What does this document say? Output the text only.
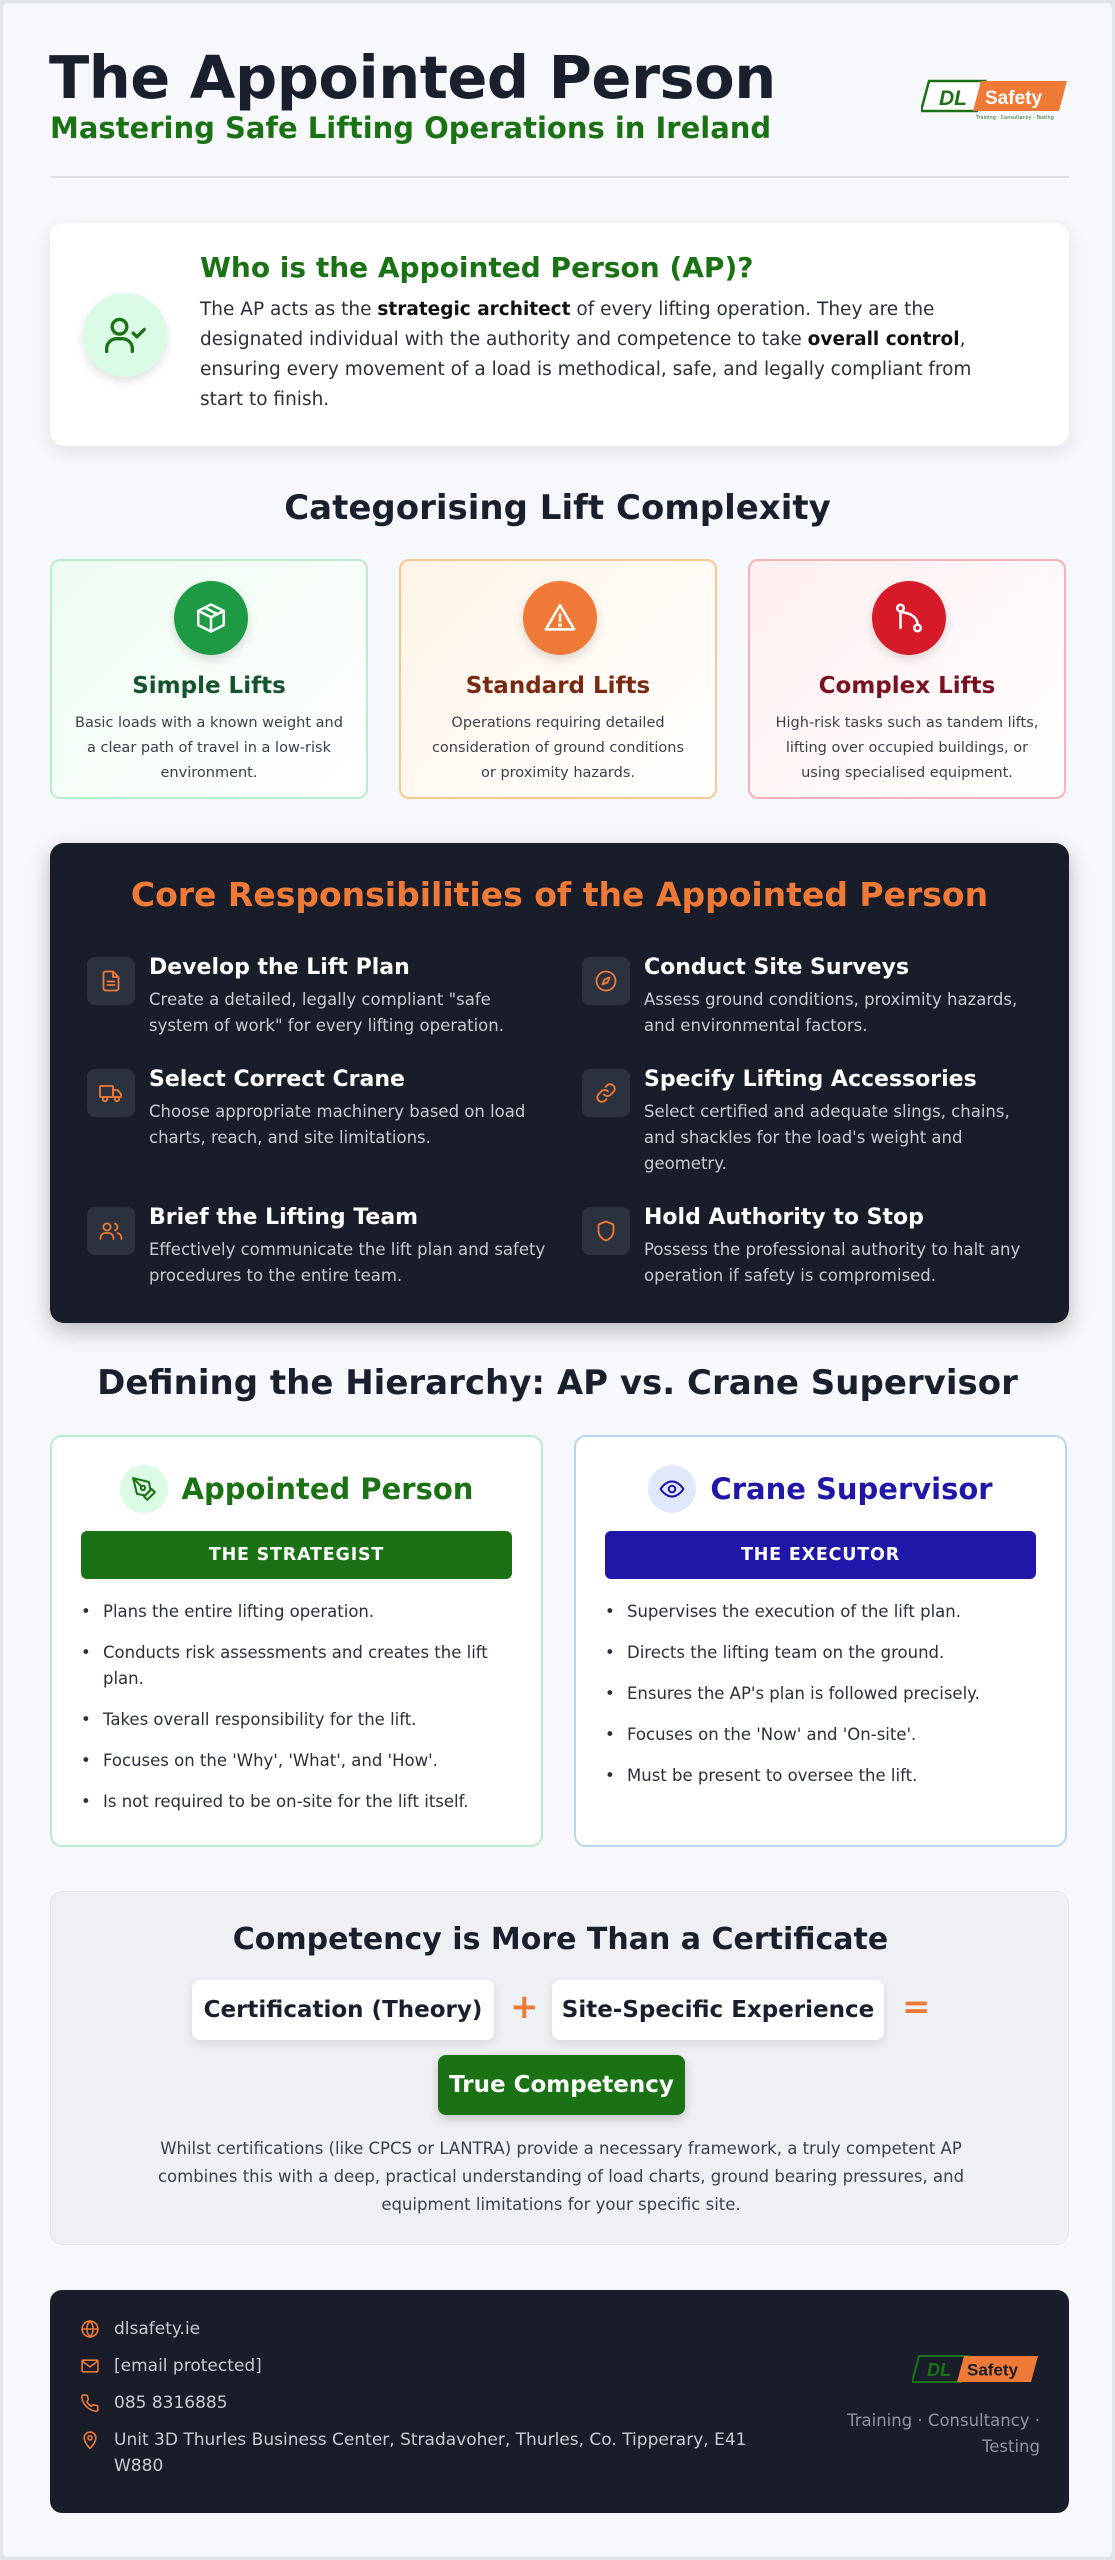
The Appointed Person
Mastering Safe Lifting Operations in Ireland
DL Safety
Training · Consultancy · Testing
Who is the Appointed Person (AP)?

The AP acts as the strategic architect of every lifting operation. They are the designated individual with the authority and competence to take overall control, ensuring every movement of a load is methodical, safe, and legally compliant from start to finish.

Categorising Lift Complexity
Simple Lifts
Basic loads with a known weight and a clear path of travel in a low-risk environment.
Standard Lifts
Operations requiring detailed consideration of ground conditions or proximity hazards.
Complex Lifts
High-risk tasks such as tandem lifts, lifting over occupied buildings, or using specialised equipment.
Core Responsibilities of the Appointed Person
Develop the Lift Plan
Create a detailed, legally compliant "safe system of work" for every lifting operation.
Conduct Site Surveys
Assess ground conditions, proximity hazards, and environmental factors.
Select Correct Crane
Choose appropriate machinery based on load charts, reach, and site limitations.
Specify Lifting Accessories
Select certified and adequate slings, chains, and shackles for the load's weight and geometry.
Brief the Lifting Team
Effectively communicate the lift plan and safety procedures to the entire team.
Hold Authority to Stop
Possess the professional authority to halt any operation if safety is compromised.
Defining the Hierarchy: AP vs. Crane Supervisor
Appointed Person
THE STRATEGIST
• Plans the entire lifting operation.
• Conducts risk assessments and creates the lift plan.
• Takes overall responsibility for the lift.
• Focuses on the 'Why', 'What', and 'How'.
• Is not required to be on-site for the lift itself.
Crane Supervisor
THE EXECUTOR
• Supervises the execution of the lift plan.
• Directs the lifting team on the ground.
• Ensures the AP's plan is followed precisely.
• Focuses on the 'Now' and 'On-site'.
• Must be present to oversee the lift.
Competency is More Than a Certificate
Certification (Theory) +	Site-Specific Experience =
True Competency
Whilst certifications (like CPCS or LANTRA) provide a necessary framework, a truly competent AP combines this with a deep, practical understanding of load charts, ground bearing pressures, and equipment limitations for your specific site.
dlsafety.ie
[email protected]
085 8316885
Unit 3D Thurles Business Center, Stradavoher, Thurles, Co. Tipperary, E41 W880
DL Safety
Training · Consultancy · Testing
